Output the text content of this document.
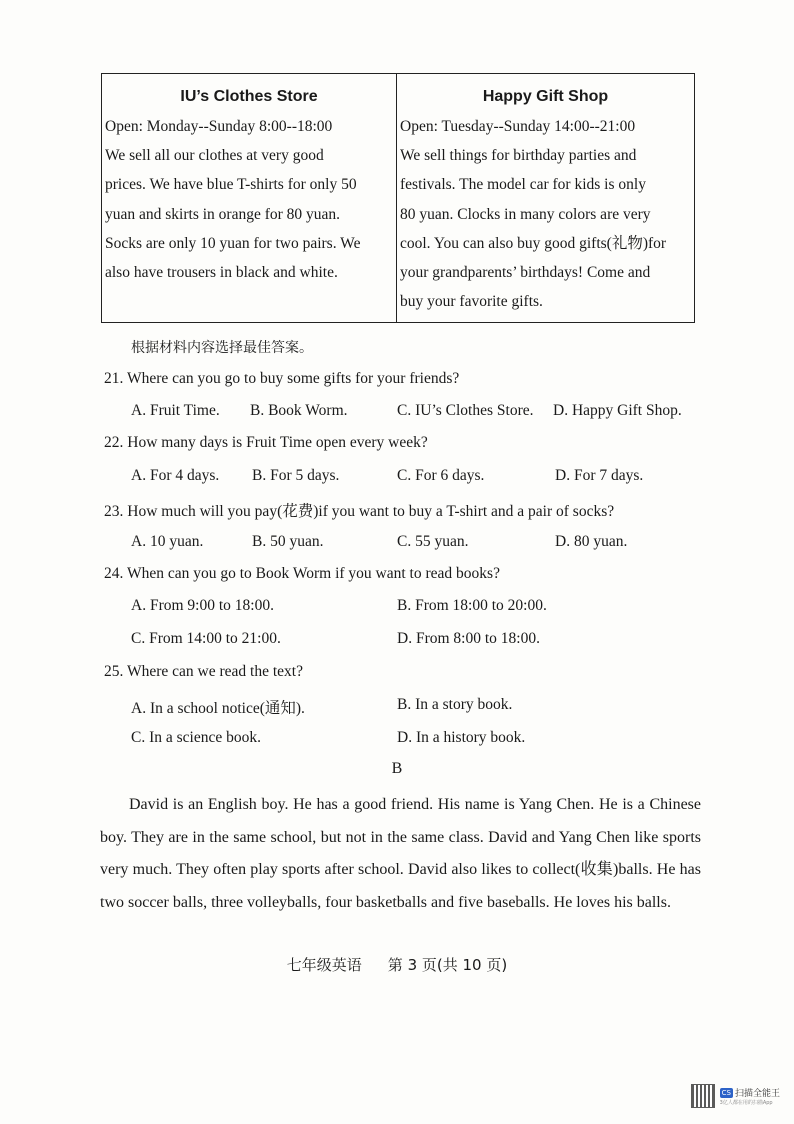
IU’s Clothes Store
Open: Monday--Sunday 8:00--18:00
We sell all our clothes at very good
prices. We have blue T-shirts for only 50
yuan and skirts in orange for 80 yuan.
Socks are only 10 yuan for two pairs. We
also have trousers in black and white.
Happy Gift Shop
Open: Tuesday--Sunday 14:00--21:00
We sell things for birthday parties and
festivals. The model car for kids is only
80 yuan. Clocks in many colors are very
cool. You can also buy good gifts(礼物)for
your grandparents’ birthdays! Come and
buy your favorite gifts.
根据材料内容选择最佳答案。
21. Where can you go to buy some gifts for your friends?
A. Fruit Time. B. Book Worm.	C. IU’s Clothes Store. D. Happy Gift Shop.
22. How many days is Fruit Time open every week?
A. For 4 days. B. For 5 days.	C. For 6 days.	D. For 7 days.
23. How much will you pay(花费)if you want to buy a T-shirt and a pair of socks?
A. 10 yuan.	B. 50 yuan.	C. 55 yuan.	D. 80 yuan.
24. When can you go to Book Worm if you want to read books?
A. From 9:00 to 18:00.	B. From 18:00 to 20:00.
C. From 14:00 to 21:00.	D. From 8:00 to 18:00.
25. Where can we read the text?
A. In a school notice(通知).	B. In a story book.
C. In a science book.	D. In a history book.
B
David is an English boy. He has a good friend. His name is Yang Chen. He is a Chinese boy. They are in the same school, but not in the same class. David and Yang Chen like sports very much. They often play sports after school. David also likes to collect(收集)balls. He has two soccer balls, three volleyballs, four basketballs and five baseballs. He loves his balls.
七年级英语 第 3 页(共 10 页)
CS 扫描全能王
3亿人都在用的扫描App
